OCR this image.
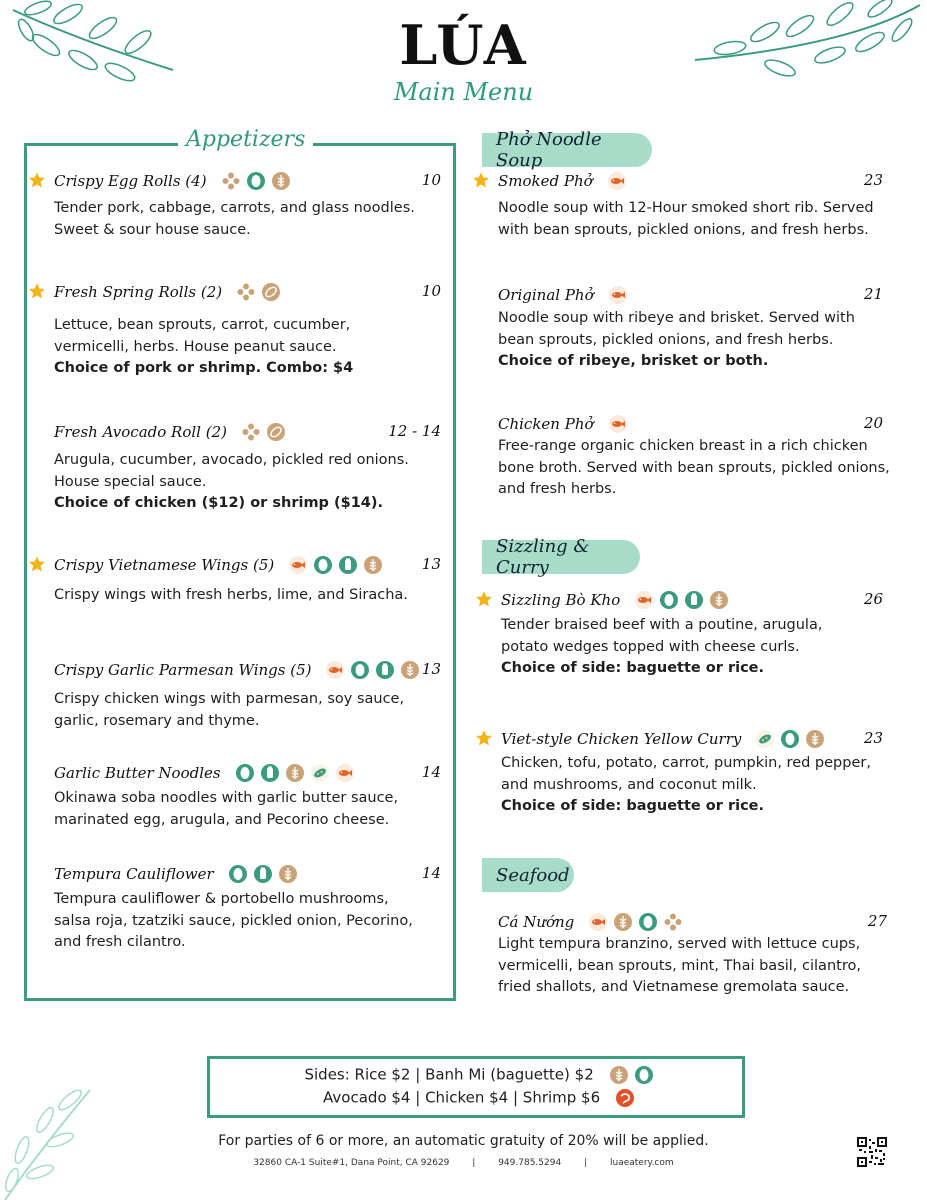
LÚA
Main Menu
Appetizers	Phở Noodle Soup
Sizzling & Curry
Seafood
Crispy Egg Rolls (4)	10
Tender pork, cabbage, carrots, and glass noodles. Sweet & sour house sauce.
Fresh Spring Rolls (2)	10
Lettuce, bean sprouts, carrot, cucumber, vermicelli, herbs. House peanut sauce.
Choice of pork or shrimp. Combo: $4
Fresh Avocado Roll (2)	12 - 14
Arugula, cucumber, avocado, pickled red onions. House special sauce.
Choice of chicken ($12) or shrimp ($14).
Crispy Vietnamese Wings (5)	13
Crispy wings with fresh herbs, lime, and Siracha.
Crispy Garlic Parmesan Wings (5)	13
Crispy chicken wings with parmesan, soy sauce, garlic, rosemary and thyme.
Garlic Butter Noodles	14
Okinawa soba noodles with garlic butter sauce, marinated egg, arugula, and Pecorino cheese.
Tempura Cauliflower	14
Tempura cauliflower & portobello mushrooms, salsa roja, tzatziki sauce, pickled onion, Pecorino, and fresh cilantro.
Smoked Phở	23
Noodle soup with 12-Hour smoked short rib. Served with bean sprouts, pickled onions, and fresh herbs.
Original Phở	21
Noodle soup with ribeye and brisket. Served with bean sprouts, pickled onions, and fresh herbs.
Choice of ribeye, brisket or both.
Chicken Phở	20
Free-range organic chicken breast in a rich chicken bone broth. Served with bean sprouts, pickled onions, and fresh herbs.
Sizzling Bò Kho	26
Tender braised beef with a poutine, arugula, potato wedges topped with cheese curls.
Choice of side: baguette or rice.
Viet-style Chicken Yellow Curry	23
Chicken, tofu, potato, carrot, pumpkin, red pepper, and mushrooms, and coconut milk.
Choice of side: baguette or rice.
Cá Nướng	27
Light tempura branzino, served with lettuce cups, vermicelli, bean sprouts, mint, Thai basil, cilantro, fried shallots, and Vietnamese gremolata sauce.
Sides: Rice $2 | Banh Mi (baguette) $2
Avocado $4 | Chicken $4 | Shrimp $6
For parties of 6 or more, an automatic gratuity of 20% will be applied.
32860 CA-1 Suite#1, Dana Point, CA 92629	|	949.785.5294	|	luaeatery.com
